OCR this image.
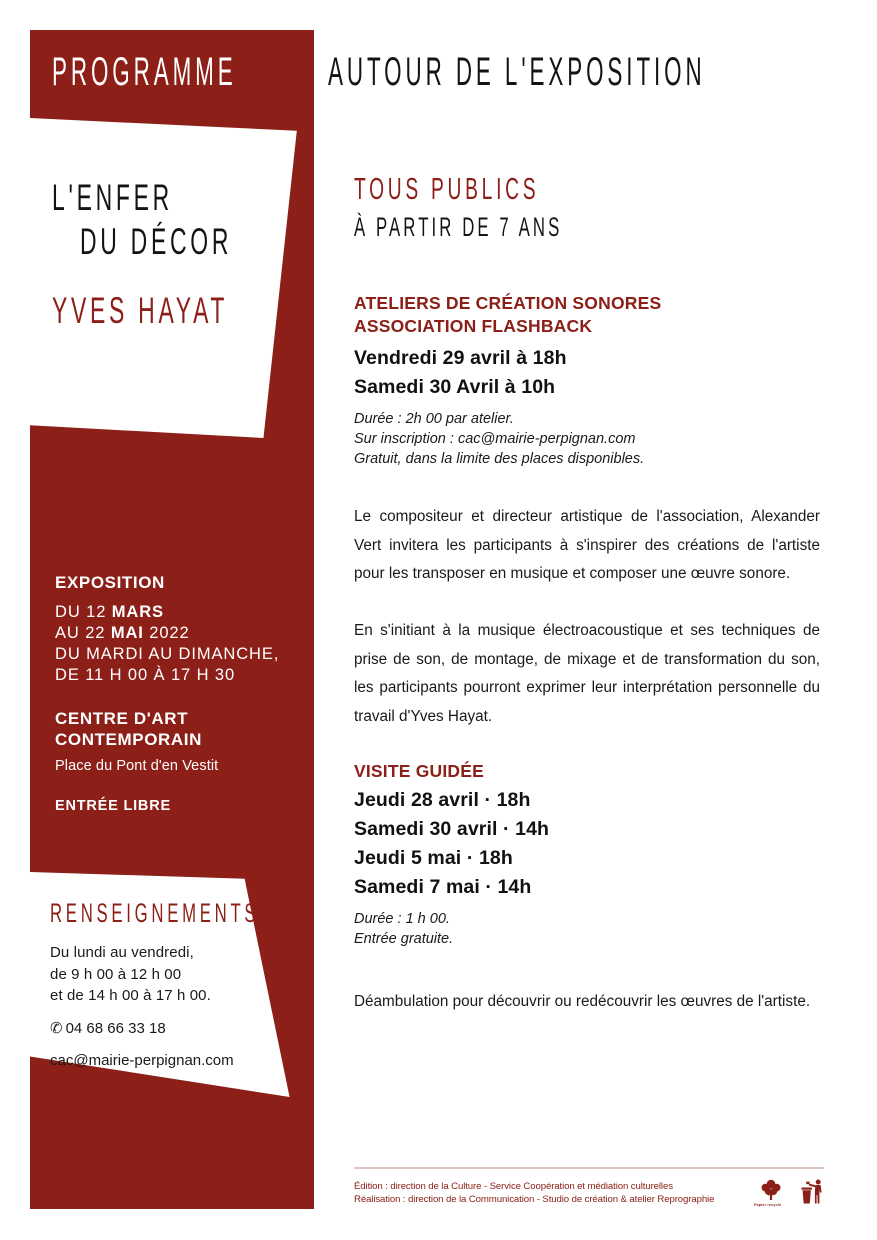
PROGRAMME AUTOUR DE L'EXPOSITION
L'ENFER
DU DÉCOR
YVES HAYAT
EXPOSITION
DU 12 MARS
AU 22 MAI 2022
DU MARDI AU DIMANCHE,
DE 11 H 00 À 17 H 30
CENTRE D'ART
CONTEMPORAIN
Place du Pont d'en Vestit
ENTRÉE LIBRE
RENSEIGNEMENTS
Du lundi au vendredi,
de 9 h 00 à 12 h 00
et de 14 h 00 à 17 h 00.
✆ 04 68 66 33 18
cac@mairie-perpignan.com
TOUS PUBLICS
À PARTIR DE 7 ANS
ATELIERS DE CRÉATION SONORES
ASSOCIATION FLASHBACK
Vendredi 29 avril à 18h
Samedi 30 Avril à 10h
Durée : 2h 00 par atelier.
Sur inscription : cac@mairie-perpignan.com
Gratuit, dans la limite des places disponibles.

Le compositeur et directeur artistique de l'association, Alexander Vert invitera les participants à s'inspirer des créations de l'artiste pour les transposer en musique et composer une œuvre sonore.

En s'initiant à la musique électroacoustique et ses techniques de prise de son, de montage, de mixage et de transformation du son, les participants pourront exprimer leur interprétation personnelle du travail d'Yves Hayat.

VISITE GUIDÉE
Jeudi 28 avril · 18h
Samedi 30 avril · 14h
Jeudi 5 mai · 18h
Samedi 7 mai · 14h
Durée : 1 h 00.
Entrée gratuite.

Déambulation pour découvrir ou redécouvrir les œuvres de l'artiste.

Édition : direction de la Culture - Service Coopération et médiation culturelles
Réalisation : direction de la Communication - Studio de création & atelier Reprographie	Papier recyclé
